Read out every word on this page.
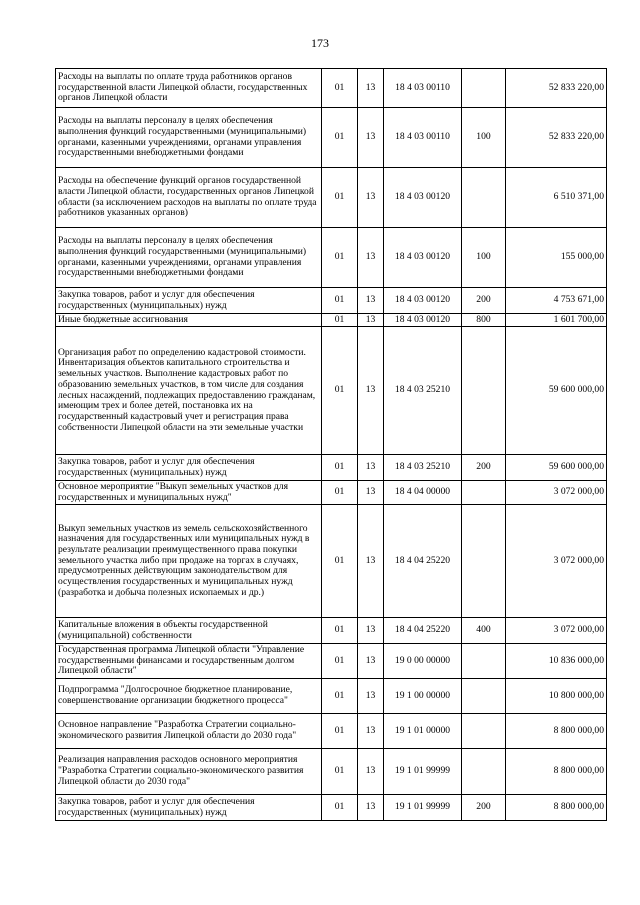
173
Расходы на выплаты по оплате труда работников органов государственной власти Липецкой области, государственных органов Липецкой области	01	13	18 4 03 00110		52 833 220,00
Расходы на выплаты персоналу в целях обеспечения выполнения функций государственными (муниципальными) органами, казенными учреждениями, органами управления государственными внебюджетными фондами	01	13	18 4 03 00110	100	52 833 220,00
Расходы на обеспечение функций органов государственной власти Липецкой области, государственных органов Липецкой области (за исключением расходов на выплаты по оплате труда работников указанных органов)	01	13	18 4 03 00120		6 510 371,00
Расходы на выплаты персоналу в целях обеспечения выполнения функций государственными (муниципальными) органами, казенными учреждениями, органами управления государственными внебюджетными фондами	01	13	18 4 03 00120	100	155 000,00
Закупка товаров, работ и услуг для обеспечения государственных (муниципальных) нужд	01	13	18 4 03 00120	200	4 753 671,00
Иные бюджетные ассигнования	01	13	18 4 03 00120	800	1 601 700,00
Организация работ по определению кадастровой стоимости. Инвентаризация объектов капитального строительства и земельных участков. Выполнение кадастровых работ по образованию земельных участков, в том числе для создания лесных насаждений, подлежащих предоставлению гражданам, имеющим трех и более детей, постановка их на государственный кадастровый учет и регистрация права собственности Липецкой области на эти земельные участки	01	13	18 4 03 25210		59 600 000,00
Закупка товаров, работ и услуг для обеспечения государственных (муниципальных) нужд	01	13	18 4 03 25210	200	59 600 000,00
Основное мероприятие "Выкуп земельных участков для государственных и муниципальных нужд"	01	13	18 4 04 00000		3 072 000,00
Выкуп земельных участков из земель сельскохозяйственного назначения для государственных или муниципальных нужд в результате реализации преимущественного права покупки земельного участка либо при продаже на торгах в случаях, предусмотренных действующим законодательством для осуществления государственных и муниципальных нужд (разработка и добыча полезных ископаемых и др.)	01	13	18 4 04 25220		3 072 000,00
Капитальные вложения в объекты государственной (муниципальной) собственности	01	13	18 4 04 25220	400	3 072 000,00
Государственная программа Липецкой области "Управление государственными финансами и государственным долгом Липецкой области"	01	13	19 0 00 00000		10 836 000,00
Подпрограмма "Долгосрочное бюджетное планирование, совершенствование организации бюджетного процесса"	01	13	19 1 00 00000		10 800 000,00
Основное направление "Разработка Стратегии социально-экономического развития Липецкой области до 2030 года"	01	13	19 1 01 00000		8 800 000,00
Реализация направления расходов основного мероприятия "Разработка Стратегии социально-экономического развития Липецкой области до 2030 года"	01	13	19 1 01 99999		8 800 000,00
Закупка товаров, работ и услуг для обеспечения государственных (муниципальных) нужд	01	13	19 1 01 99999	200	8 800 000,00
